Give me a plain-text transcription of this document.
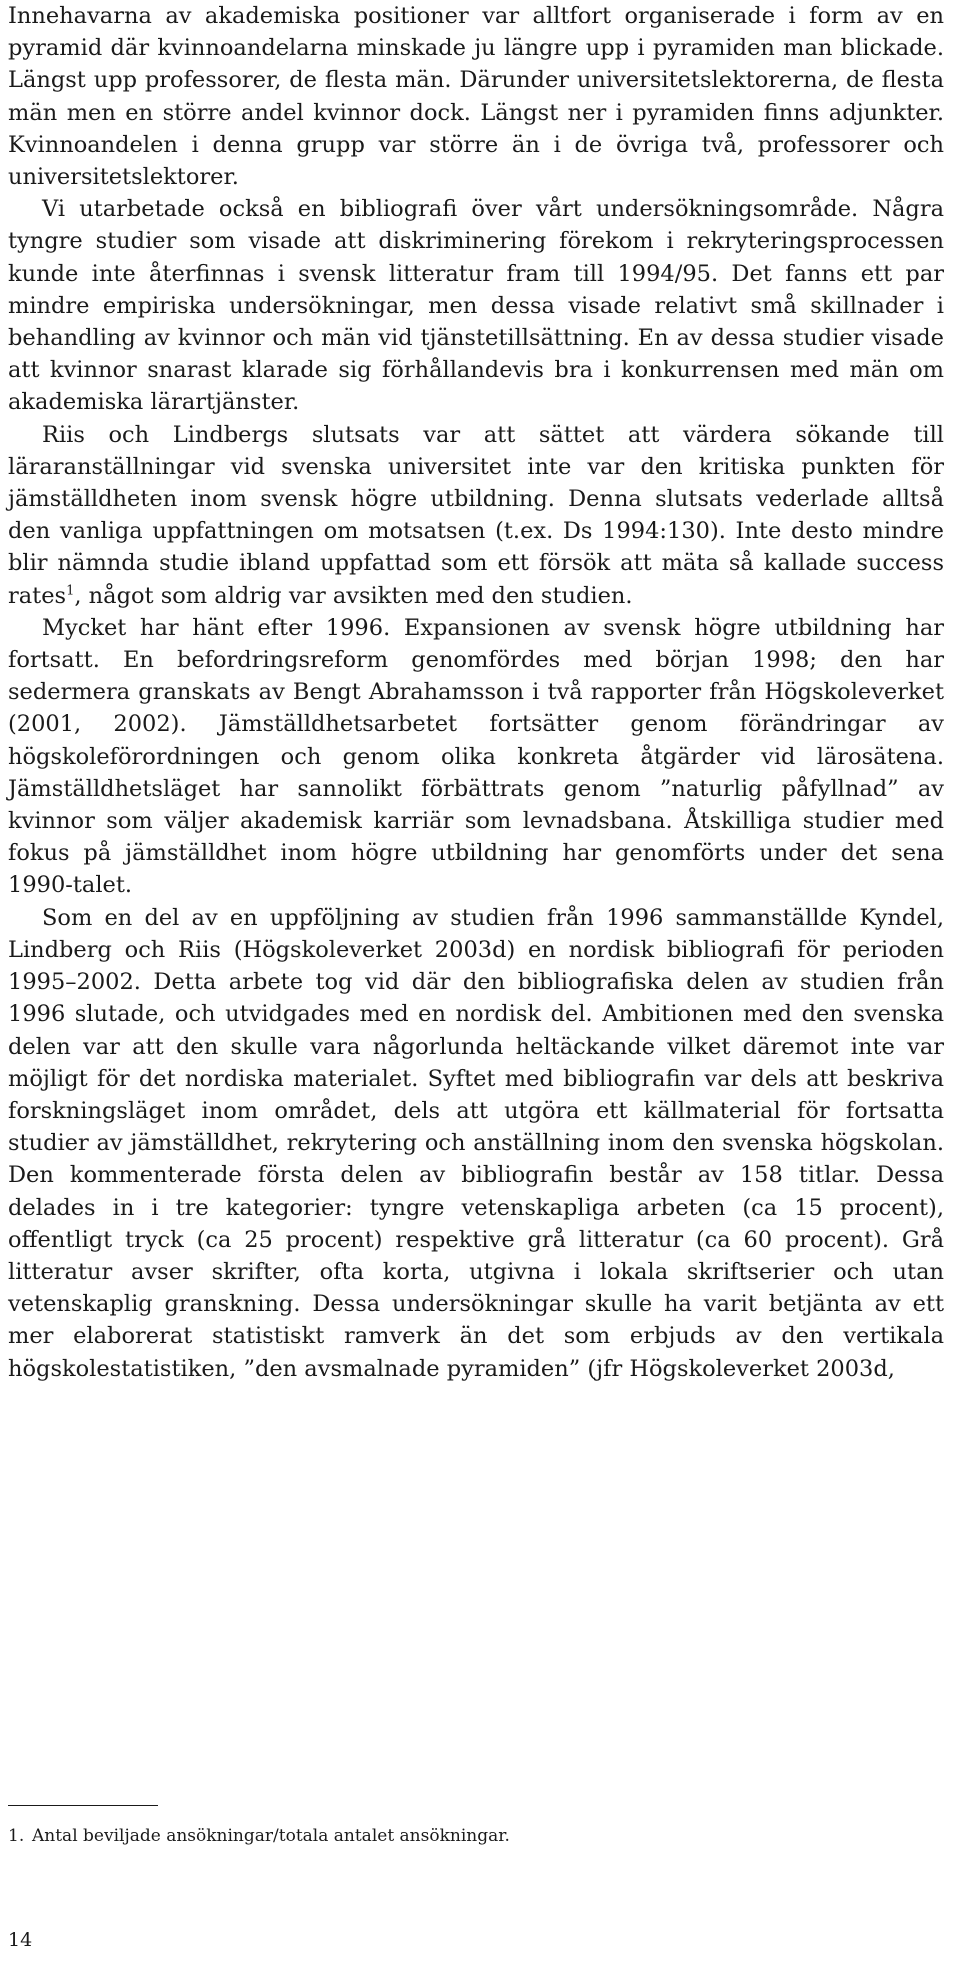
Innehavarna av akademiska positioner var alltfort organiserade i form av en pyramid där kvinnoandelarna minskade ju längre upp i pyramiden man blickade. Längst upp professorer, de flesta män. Därunder universitetslektorerna, de flesta män men en större andel kvinnor dock. Längst ner i pyramiden finns adjunkter. Kvinnoandelen i denna grupp var större än i de övriga två, professorer och universitetslektorer.

Vi utarbetade också en bibliografi över vårt undersökningsområde. Några tyngre studier som visade att diskriminering förekom i rekryteringsprocessen kunde inte återfinnas i svensk litteratur fram till 1994/95. Det fanns ett par mindre empiriska undersökningar, men dessa visade relativt små skillnader i behandling av kvinnor och män vid tjänstetillsättning. En av dessa studier visade att kvinnor snarast klarade sig förhållandevis bra i konkurrensen med män om akademiska lärartjänster.

Riis och Lindbergs slutsats var att sättet att värdera sökande till läraranställningar vid svenska universitet inte var den kritiska punkten för jämställdheten inom svensk högre utbildning. Denna slutsats vederlade alltså den vanliga uppfattningen om motsatsen (t.ex. Ds 1994:130). Inte desto mindre blir nämnda studie ibland uppfattad som ett försök att mäta så kallade success rates$^1$, något som aldrig var avsikten med den studien.

Mycket har hänt efter 1996. Expansionen av svensk högre utbildning har fortsatt. En befordringsreform genomfördes med början 1998; den har sedermera granskats av Bengt Abrahamsson i två rapporter från Högskoleverket (2001, 2002). Jämställdhetsarbetet fortsätter genom förändringar av högskoleförordningen och genom olika konkreta åtgärder vid lärosätena. Jämställdhetsläget har sannolikt förbättrats genom ”naturlig påfyllnad” av kvinnor som väljer akademisk karriär som levnadsbana. Åtskilliga studier med fokus på jämställdhet inom högre utbildning har genomförts under det sena 1990-talet.

Som en del av en uppföljning av studien från 1996 sammanställde Kyndel, Lindberg och Riis (Högskoleverket 2003d) en nordisk bibliografi för perioden 1995–2002. Detta arbete tog vid där den bibliografiska delen av studien från 1996 slutade, och utvidgades med en nordisk del. Ambitionen med den svenska delen var att den skulle vara någorlunda heltäckande vilket däremot inte var möjligt för det nordiska materialet. Syftet med bibliografin var dels att beskriva forskningsläget inom området, dels att utgöra ett källmaterial för fortsatta studier av jämställdhet, rekrytering och anställning inom den svenska högskolan. Den kommenterade första delen av bibliografin består av 158 titlar. Dessa delades in i tre kategorier: tyngre vetenskapliga arbeten (ca 15 procent), offentligt tryck (ca 25 procent) respektive grå litteratur (ca 60 procent). Grå litteratur avser skrifter, ofta korta, utgivna i lokala skriftserier och utan vetenskaplig granskning. Dessa undersökningar skulle ha varit betjänta av ett mer elaborerat statistiskt ramverk än det som erbjuds av den vertikala högskolestatistiken, ”den avsmalnade pyramiden” (jfr Högskoleverket 2003d,

1. Antal beviljade ansökningar/totala antalet ansökningar.
14
